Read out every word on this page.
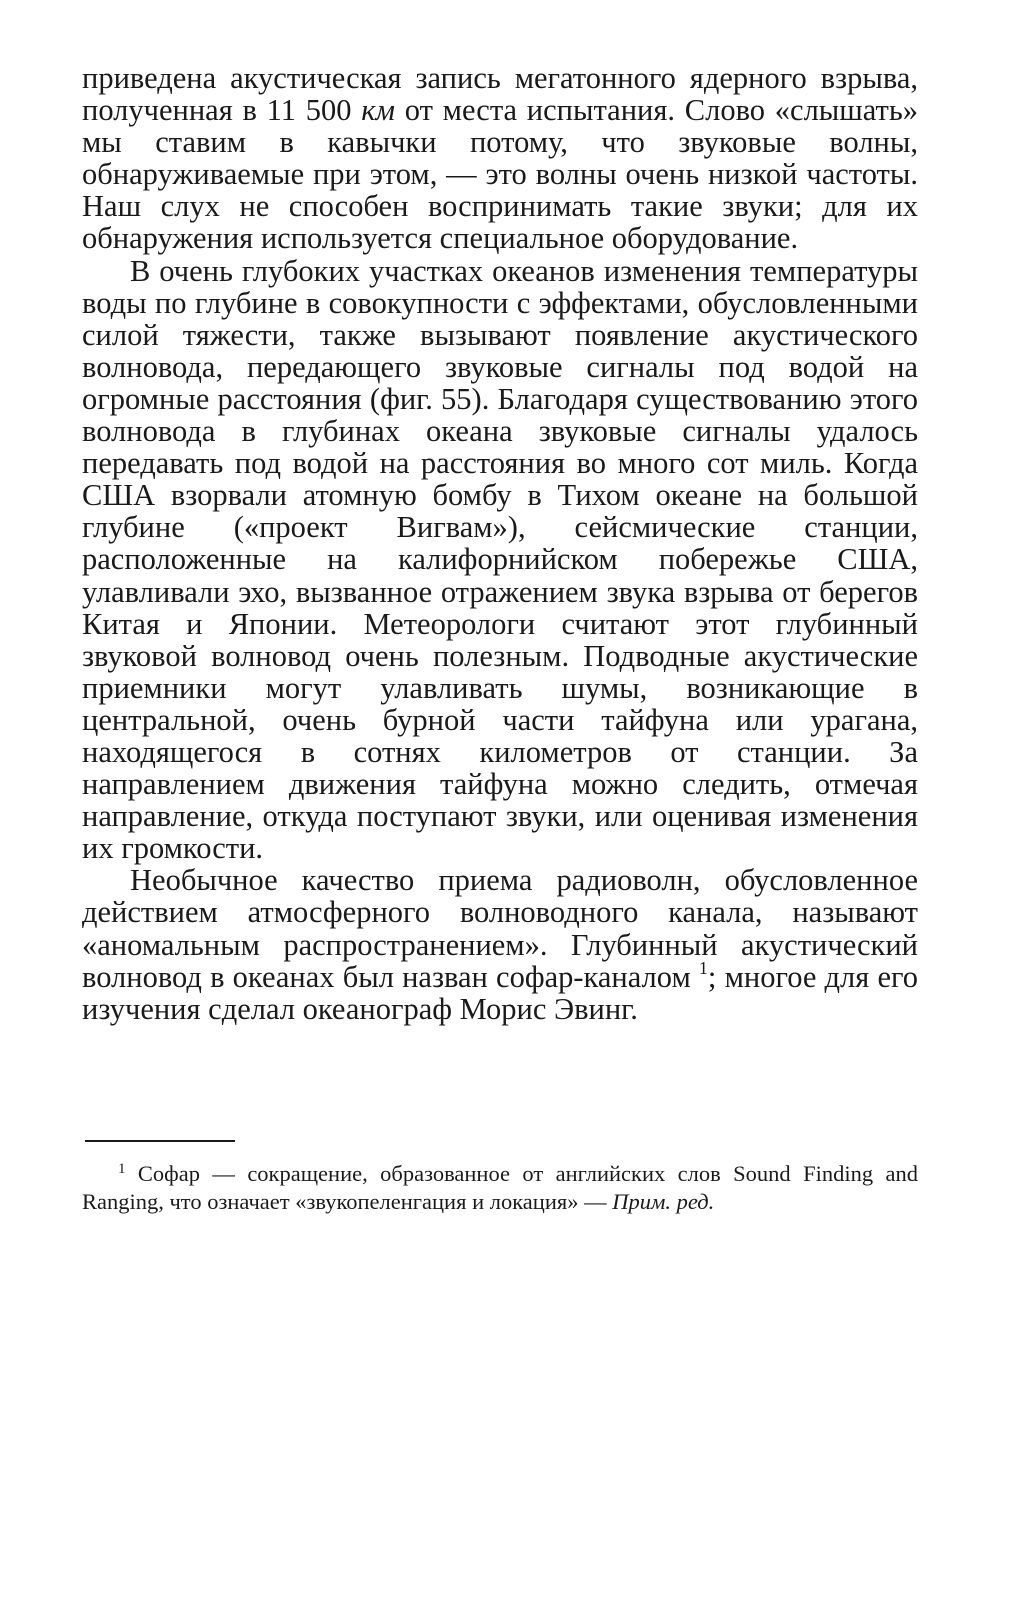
приведена акустическая запись мегатонного ядерного взрыва, полученная в 11 500 км от места испытания. Слово «слышать» мы ставим в кавычки потому, что звуковые волны, обнаруживаемые при этом, — это волны очень низкой частоты. Наш слух не способен воспринимать такие звуки; для их обнаружения используется специальное оборудование.

В очень глубоких участках океанов изменения температуры воды по глубине в совокупности с эффектами, обусловленными силой тяжести, также вызывают появление акустического волновода, передающего звуковые сигналы под водой на огромные расстояния (фиг. 55). Благодаря существованию этого волновода в глубинах океана звуковые сигналы удалось передавать под водой на расстояния во много сот миль. Когда США взорвали атомную бомбу в Тихом океане на большой глубине («проект Вигвам»), сейсмические станции, расположенные на калифорнийском побережье США, улавливали эхо, вызванное отражением звука взрыва от берегов Китая и Японии. Метеорологи считают этот глубинный звуковой волновод очень полезным. Подводные акустические приемники могут улавливать шумы, возникающие в центральной, очень бурной части тайфуна или урагана, находящегося в сотнях километров от станции. За направлением движения тайфуна можно следить, отмечая направление, откуда поступают звуки, или оценивая изменения их громкости.

Необычное качество приема радиоволн, обусловленное действием атмосферного волноводного канала, называют «аномальным распространением». Глубинный акустический волновод в океанах был назван софар-каналом $^1$; многое для его изучения сделал океанограф Морис Эвинг.

$^1$ Софар — сокращение, образованное от английских слов Sound Finding and Ranging, что означает «звукопеленгация и локация» — Прим. ред.
